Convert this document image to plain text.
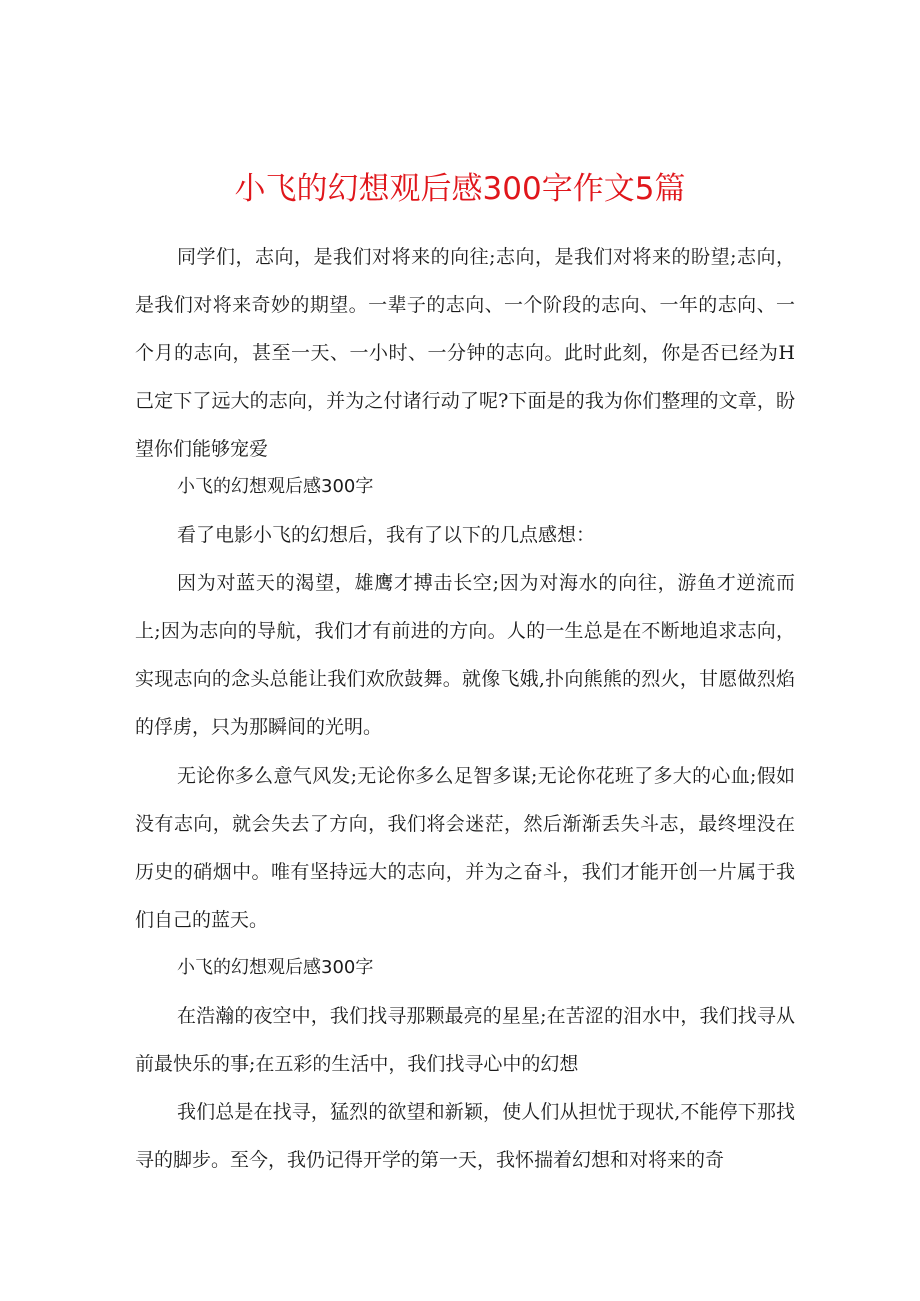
小飞的幻想观后感300字作文5篇

同学们，志向，是我们对将来的向往;志向，是我们对将来的盼望;志向，是我们对将来奇妙的期望。一辈子的志向、一个阶段的志向、一年的志向、一个月的志向，甚至一天、一小时、一分钟的志向。此时此刻，你是否已经为H己定下了远大的志向，并为之付诸行动了呢?下面是的我为你们整理的文章，盼望你们能够宠爱

小飞的幻想观后感300字

看了电影小飞的幻想后，我有了以下的几点感想：

因为对蓝天的渴望，雄鹰才搏击长空;因为对海水的向往，游鱼才逆流而上;因为志向的导航，我们才有前进的方向。人的一生总是在不断地追求志向，实现志向的念头总能让我们欢欣鼓舞。就像飞娥,扑向熊熊的烈火，甘愿做烈焰的俘虏，只为那瞬间的光明。

无论你多么意气风发;无论你多么足智多谋;无论你花班了多大的心血;假如没有志向，就会失去了方向，我们将会迷茫，然后渐渐丢失斗志，最终埋没在历史的硝烟中。唯有坚持远大的志向，并为之奋斗，我们才能开创一片属于我们自己的蓝天。

小飞的幻想观后感300字

在浩瀚的夜空中，我们找寻那颗最亮的星星;在苦涩的泪水中，我们找寻从前最快乐的事;在五彩的生活中，我们找寻心中的幻想

我们总是在找寻，猛烈的欲望和新颖，使人们从担忧于现状,不能停下那找寻的脚步。至今，我仍记得开学的第一天，我怀揣着幻想和对将来的奇
